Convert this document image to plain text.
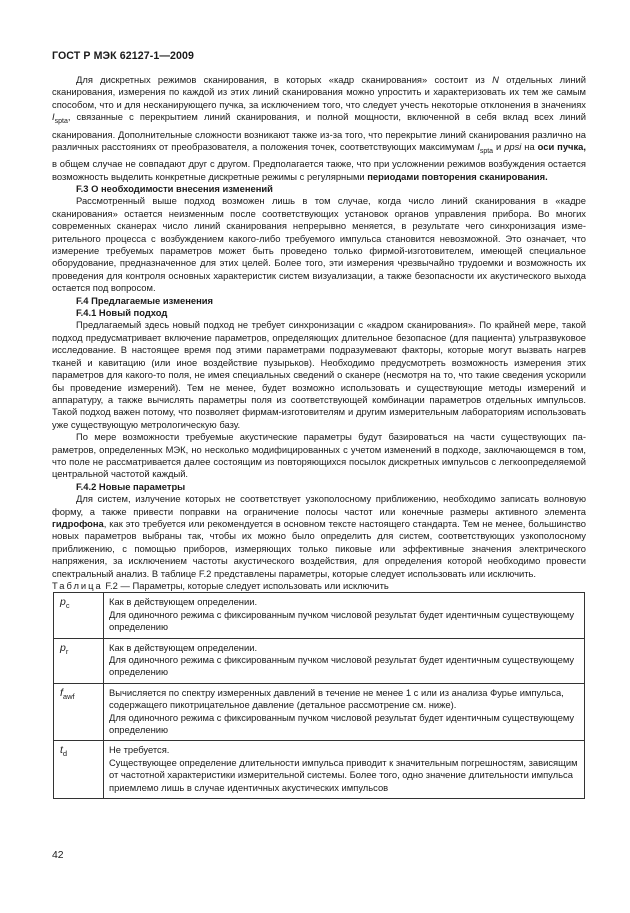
ГОСТ Р МЭК 62127-1—2009

Для дискретных режимов сканирования, в которых «кадр сканирования» состоит из N отдельных линий сканирования, измерения по каждой из этих линий сканирования можно упростить и характеризовать их тем же самым способом, что и для несканирующего пучка, за исключением того, что следует учесть некоторые отклонения в значениях $I_{spta}$, связанные с перекрытием линий сканирования, и полной мощности, включенной в себя вклад всех линий сканирования. Дополнительные сложности возникают также из-за того, что перекрытие линий сканирования различно на различных расстояниях от преобразователя, а положения точек, соответствующих максимумам $I_{spta}$ и ppsi на оси пучка, в общем случае не совпадают друг с другом. Предполагается также, что при усложнении режимов возбуждения остается возможность выделить конкретные дискретные режимы с регулярными периодами повторения сканирования.

F.3 О необходимости внесения изменений

Рассмотренный выше подход возможен лишь в том случае, когда число линий сканирования в «кадре сканирования» остается неизменным после соответствующих установок органов управления прибора. Во многих современных сканерах число линий сканирования непрерывно меняется, в результате чего синхронизация измерительного процесса с возбуждением какого-либо требуемого импульса становится невозможной. Это означает, что измерение требуемых параметров может быть проведено только фирмой-изготовителем, имеющей специальное оборудование, предназначенное для этих целей. Более того, эти измерения чрезвычайно трудоемки и возможность их проведения для контроля основных характеристик систем визуализации, а также безопасности их акустического выхода остается под вопросом.

F.4 Предлагаемые изменения
F.4.1 Новый подход

Предлагаемый здесь новый подход не требует синхронизации с «кадром сканирования». По крайней мере, такой подход предусматривает включение параметров, определяющих длительное безопасное (для пациента) ультразвуковое исследование. В настоящее время под этими параметрами подразумевают факторы, которые могут вызвать нагрев тканей и кавитацию (или иное воздействие пузырьков). Необходимо предусмотреть возможность измерения этих параметров для какого-то поля, не имея специальных сведений о сканере (несмотря на то, что такие сведения ускорили бы проведение измерений). Тем не менее, будет возможно использовать и существующие методы измерений и аппаратуру, а также вычислять параметры поля из соответствующей комбинации параметров отдельных импульсов. Такой подход важен потому, что позволяет фирмам-изготовителям и другим измерительным лабораториям использовать уже существующую метрологическую базу.

По мере возможности требуемые акустические параметры будут базироваться на части существующих параметров, определенных МЭК, но несколько модифицированных с учетом изменений в подходе, заключающемся в том, что поле не рассматривается далее состоящим из повторяющихся посылок дискретных импульсов с легкоопределяемой центральной частотой каждый.

F.4.2 Новые параметры

Для систем, излучение которых не соответствует узкополосному приближению, необходимо записать волновую форму, а также привести поправки на ограничение полосы частот или конечные размеры активного элемента гидрофона, как это требуется или рекомендуется в основном тексте настоящего стандарта. Тем не менее, большинство новых параметров выбраны так, чтобы их можно было определить для систем, соответствующих узкополосному приближению, с помощью приборов, измеряющих только пиковые или эффективные значения электрического напряжения, за исключением частоты акустического воздействия, для определения которой необходимо провести спектральный анализ. В таблице F.2 представлены параметры, которые следует использовать или исключить.

Таблица F.2 — Параметры, которые следует использовать или исключить

$p_c$	Как в действующем определении.
Для одиночного режима с фиксированным пучком числовой результат будет идентичным существующему определению

$p_r$	Как в действующем определении.
Для одиночного режима с фиксированным пучком числовой результат будет идентичным существующему определению

$f_{awf}$	Вычисляется по спектру измеренных давлений в течение не менее 1 с или из анализа Фурье импульса, содержащего пикотрицательное давление (детальное рассмотрение см. ниже).
Для одиночного режима с фиксированным пучком числовой результат будет идентичным существующему определению

$t_d$	Не требуется.
Существующее определение длительности импульса приводит к значительным погрешностям, зависящим от частотной характеристики измерительной системы. Более того, одно значение длительности импульса приемлемо лишь в случае идентичных акустических импульсов
42
